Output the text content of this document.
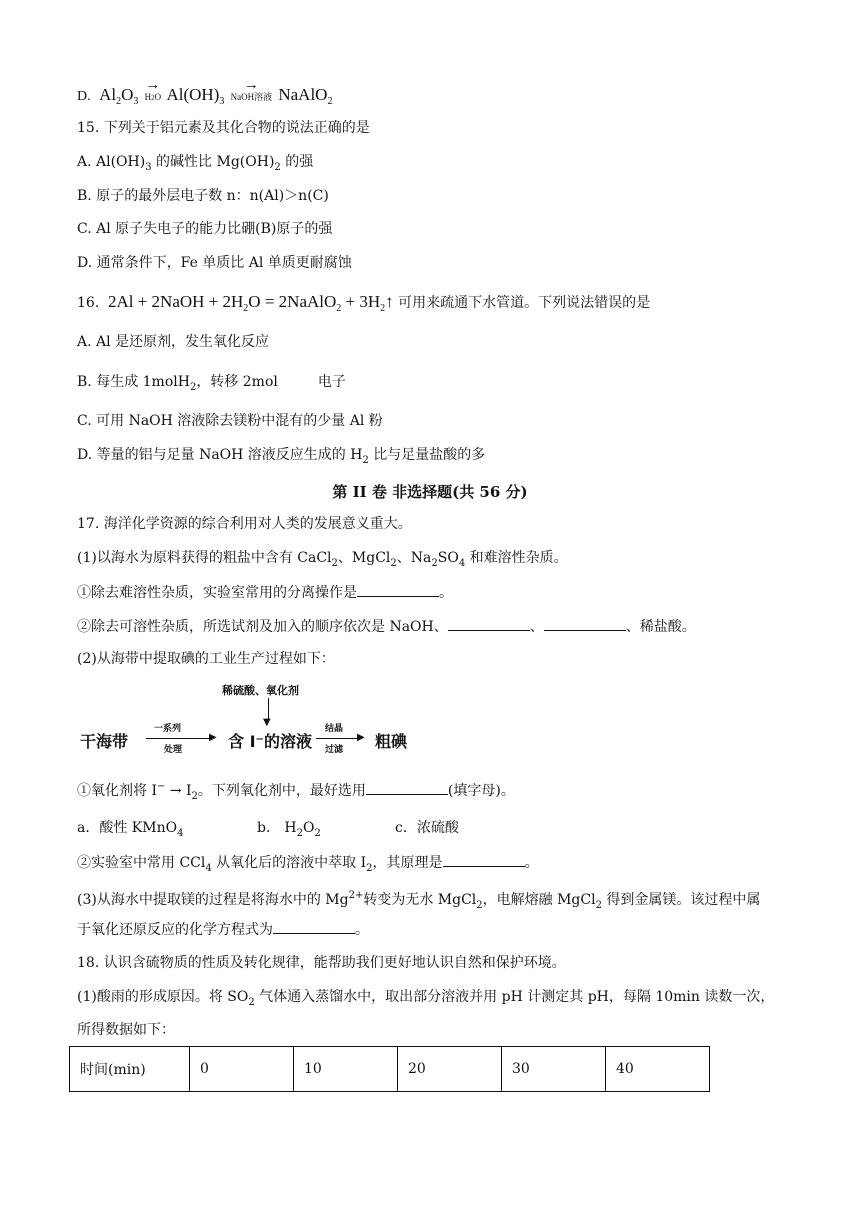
D. $Al_2O_3$
→
H2O $Al(OH)_3$
→
NaOH溶液 NaAlO$_2$
15. 下列关于铝元素及其化合物的说法正确的是
A. $Al(OH)_3$ 的碱性比 $Mg(OH)_2$ 的强
B. 原子的最外层电子数 n：n(Al)＞n(C)
C. Al 原子失电子的能力比硼(B)原子的强
D. 通常条件下，Fe 单质比 Al 单质更耐腐蚀
16. 2Al + 2NaOH + $2H_2O$ = 2NaAlO$_2$ + $3H_2↑$ 可用来疏通下水管道。下列说法错误的是
A. Al 是还原剂，发生氧化反应
B. 每生成 1molH$_2$，转移 2mol	电子
C. 可用 NaOH 溶液除去镁粉中混有的少量 Al 粉
D. 等量的铝与足量 NaOH 溶液反应生成的 $H_2$ 比与足量盐酸的多
第 II 卷 非选择题(共 56 分)
17. 海洋化学资源的综合利用对人类的发展意义重大。
(1)以海水为原料获得的粗盐中含有 CaCl$_2$、MgCl$_2$、$Na_2SO_4$ 和难溶性杂质。
①除去难溶性杂质，实验室常用的分离操作是	。
②除去可溶性杂质，所选试剂及加入的顺序依次是 NaOH、	、	、稀盐酸。
(2)从海带中提取碘的工业生产过程如下：
稀硫酸、氧化剂
▼
干海带
一系列
▶
处理	含 I⁻的溶液
结晶
▶
过滤 粗碘
①氧化剂将 $I^- \to I_2$。下列氧化剂中，最好选用	(填字母)。
a．酸性 KMnO$_4$	b． $H_2O_2$	c．浓硫酸
②实验室中常用 CCl$_4$ 从氧化后的溶液中萃取 $I_2$，其原理是	。
(3)从海水中提取镁的过程是将海水中的 $Mg^{2+}$转变为无水 MgCl$_2$，电解熔融 MgCl$_2$ 得到金属镁。该过程中属
于氧化还原反应的化学方程式为	。
18. 认识含硫物质的性质及转化规律，能帮助我们更好地认识自然和保护环境。
(1)酸雨的形成原因。将 $SO_2$ 气体通入蒸馏水中，取出部分溶液并用 pH 计测定其 pH，每隔 10min 读数一次，
所得数据如下：
时间(min)	0	10	20	30	40
